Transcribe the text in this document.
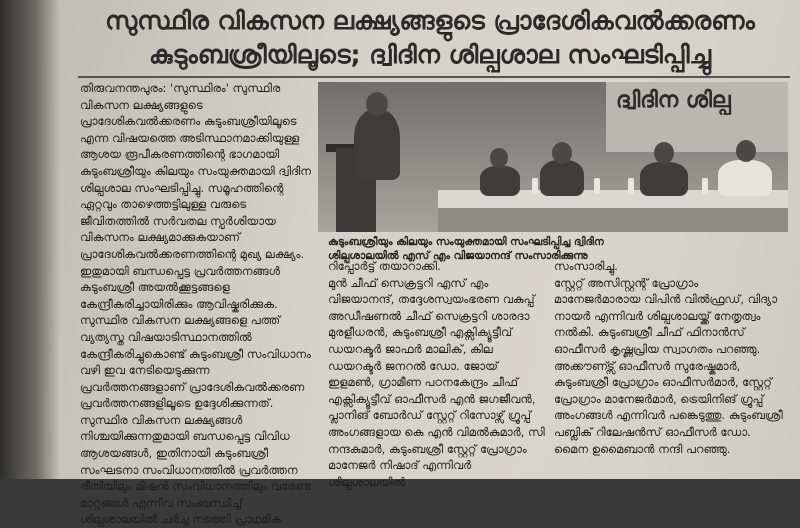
സുസ്ഥിര വികസന ലക്ഷ്യങ്ങളുടെ പ്രാദേശികവൽക്കരണം
കുടുംബശ്രീയിലൂടെ; ദ്വിദിന ശില്പശാല സംഘടിപ്പിച്ചു

തിരുവനന്തപുരം: 'സുസ്ഥിരം' സുസ്ഥിര വികസന ലക്ഷ്യങ്ങളുടെ പ്രാദേശികവൽക്കരണം കുടുംബശ്രീയിലൂടെ എന്ന വിഷയത്തെ അടിസ്ഥാനമാക്കിയുള്ള ആശയ രൂപീകരണത്തിന്റെ ഭാഗമായി കുടുംബശ്രീയും കിലയും സംയുക്തമായി ദ്വിദിന ശില്പശാല സംഘടിപ്പിച്ചു. സമൂഹത്തിന്റെ ഏറ്റവും താഴെത്തട്ടിലുള്ള വരുടെ ജീവിതത്തിൽ സർവതല സ്പർശിയായ വികസനം ലക്ഷ്യമാക്കുകയാണ് പ്രാദേശികവൽക്കരണത്തിന്റെ മുഖ്യ ലക്ഷ്യം. ഇതുമായി ബന്ധപ്പെട്ട പ്രവർത്തനങ്ങൾ കുടുംബശ്രീ അയൽക്കൂട്ടങ്ങളെ കേന്ദ്രീകരിച്ചായിരിക്കും ആവിഷ്കരിക്കുക.

സുസ്ഥിര വികസന ലക്ഷ്യങ്ങളെ പത്ത് വ്യത്യസ്ത വിഷയാടിസ്ഥാനത്തിൽ കേന്ദ്രീകരിച്ചുകൊണ്ട് കുടുംബശ്രീ സംവിധാനം വഴി ഇവ നേടിയെടുക്കുന്ന പ്രവർത്തനങ്ങളാണ് പ്രാദേശികവൽക്കരണ പ്രവർത്തനങ്ങളിലൂടെ ഉദ്ദേശിക്കുന്നത്. സുസ്ഥിര വികസന ലക്ഷ്യങ്ങൾ നിശ്ചയിക്കുന്നതുമായി ബന്ധപ്പെട്ട വിവിധ ആശയങ്ങൾ, ഇതിനായി കുടുംബശ്രീ സംഘടനാ സംവിധാനത്തിൽ പ്രവർത്തന രീതിയിലും മിഷൻ സംവിധാനത്തിലും വരേണ്ട മാറ്റങ്ങൾ എന്നിവ സംബന്ധിച്ച് ശില്പശാലയിൽ ചർച്ച നടത്തി പ്രാഥമിക

ദ്വിദിന ശില്പ
കുടുംബശ്രീയും കിലയും സംയുക്തമായി സംഘടിപ്പിച്ച ദ്വിദിന ശില്പശാലയിൽ എസ് എം വിജയാനന്ദ് സംസാരിക്കുന്നു

റിപ്പോർട്ട് തയാറാക്കി.

മുൻ ചീഫ് സെക്രട്ടറി എസ് എം വിജയാനന്ദ്, തദ്ദേശസ്വയംഭരണ വകുപ്പ് അഡീഷണൽ ചീഫ് സെക്രട്ടറി ശാരദാ മുരളീധരൻ, കുടുംബശ്രീ എക്സിക്യൂട്ടീവ് ഡയറക്ടർ ജാഫർ മാലിക്, കില ഡയറക്ടർ ജനറൽ ഡോ. ജോയ് ഇളമൺ, ഗ്രാമീണ പഠനകേന്ദ്രം ചീഫ് എക്സിക്യൂട്ടീവ് ഓഫീസർ എൻ ജഗജീവൻ, പ്ലാനിങ് ബോർഡ് സ്റ്റേറ്റ് റിസോഴ്സ് ഗ്രൂപ്പ് അംഗങ്ങളായ കെ എൻ വിമൽകുമാർ, സി നന്ദകുമാർ, കുടുംബശ്രീ സ്റ്റേറ്റ് പ്രോഗ്രാം മാനേജർ നിഷാദ് എന്നിവർ ശില്പശാലയിൽ

സംസാരിച്ചു.

സ്റ്റേറ്റ് അസിസ്റ്റന്റ് പ്രോഗ്രാം മാനേജർമാരായ വിപിൻ വിൽഫ്രഡ്, വിദ്യാ നായർ എന്നിവർ ശില്പശാലയ്ക്ക് നേതൃത്വം നൽകി. കുടുംബശ്രീ ചീഫ് ഫിനാൻസ് ഓഫീസർ കൃഷ്ണപ്രിയ സ്വാഗതം പറഞ്ഞു. അക്കൗണ്ട്സ് ഓഫീസർ സുരേഷ്കുമാർ, കുടുംബശ്രീ പ്രോഗ്രാം ഓഫീസർമാർ, സ്റ്റേറ്റ് പ്രോഗ്രാം മാനേജർമാർ, ട്രെയിനിങ് ഗ്രൂപ്പ് അംഗങ്ങൾ എന്നിവർ പങ്കെടുത്തു. കുടുംബശ്രീ പബ്ലിക് റിലേഷൻസ് ഓഫീസർ ഡോ. മൈന ഉമൈബാൻ നന്ദി പറഞ്ഞു.
